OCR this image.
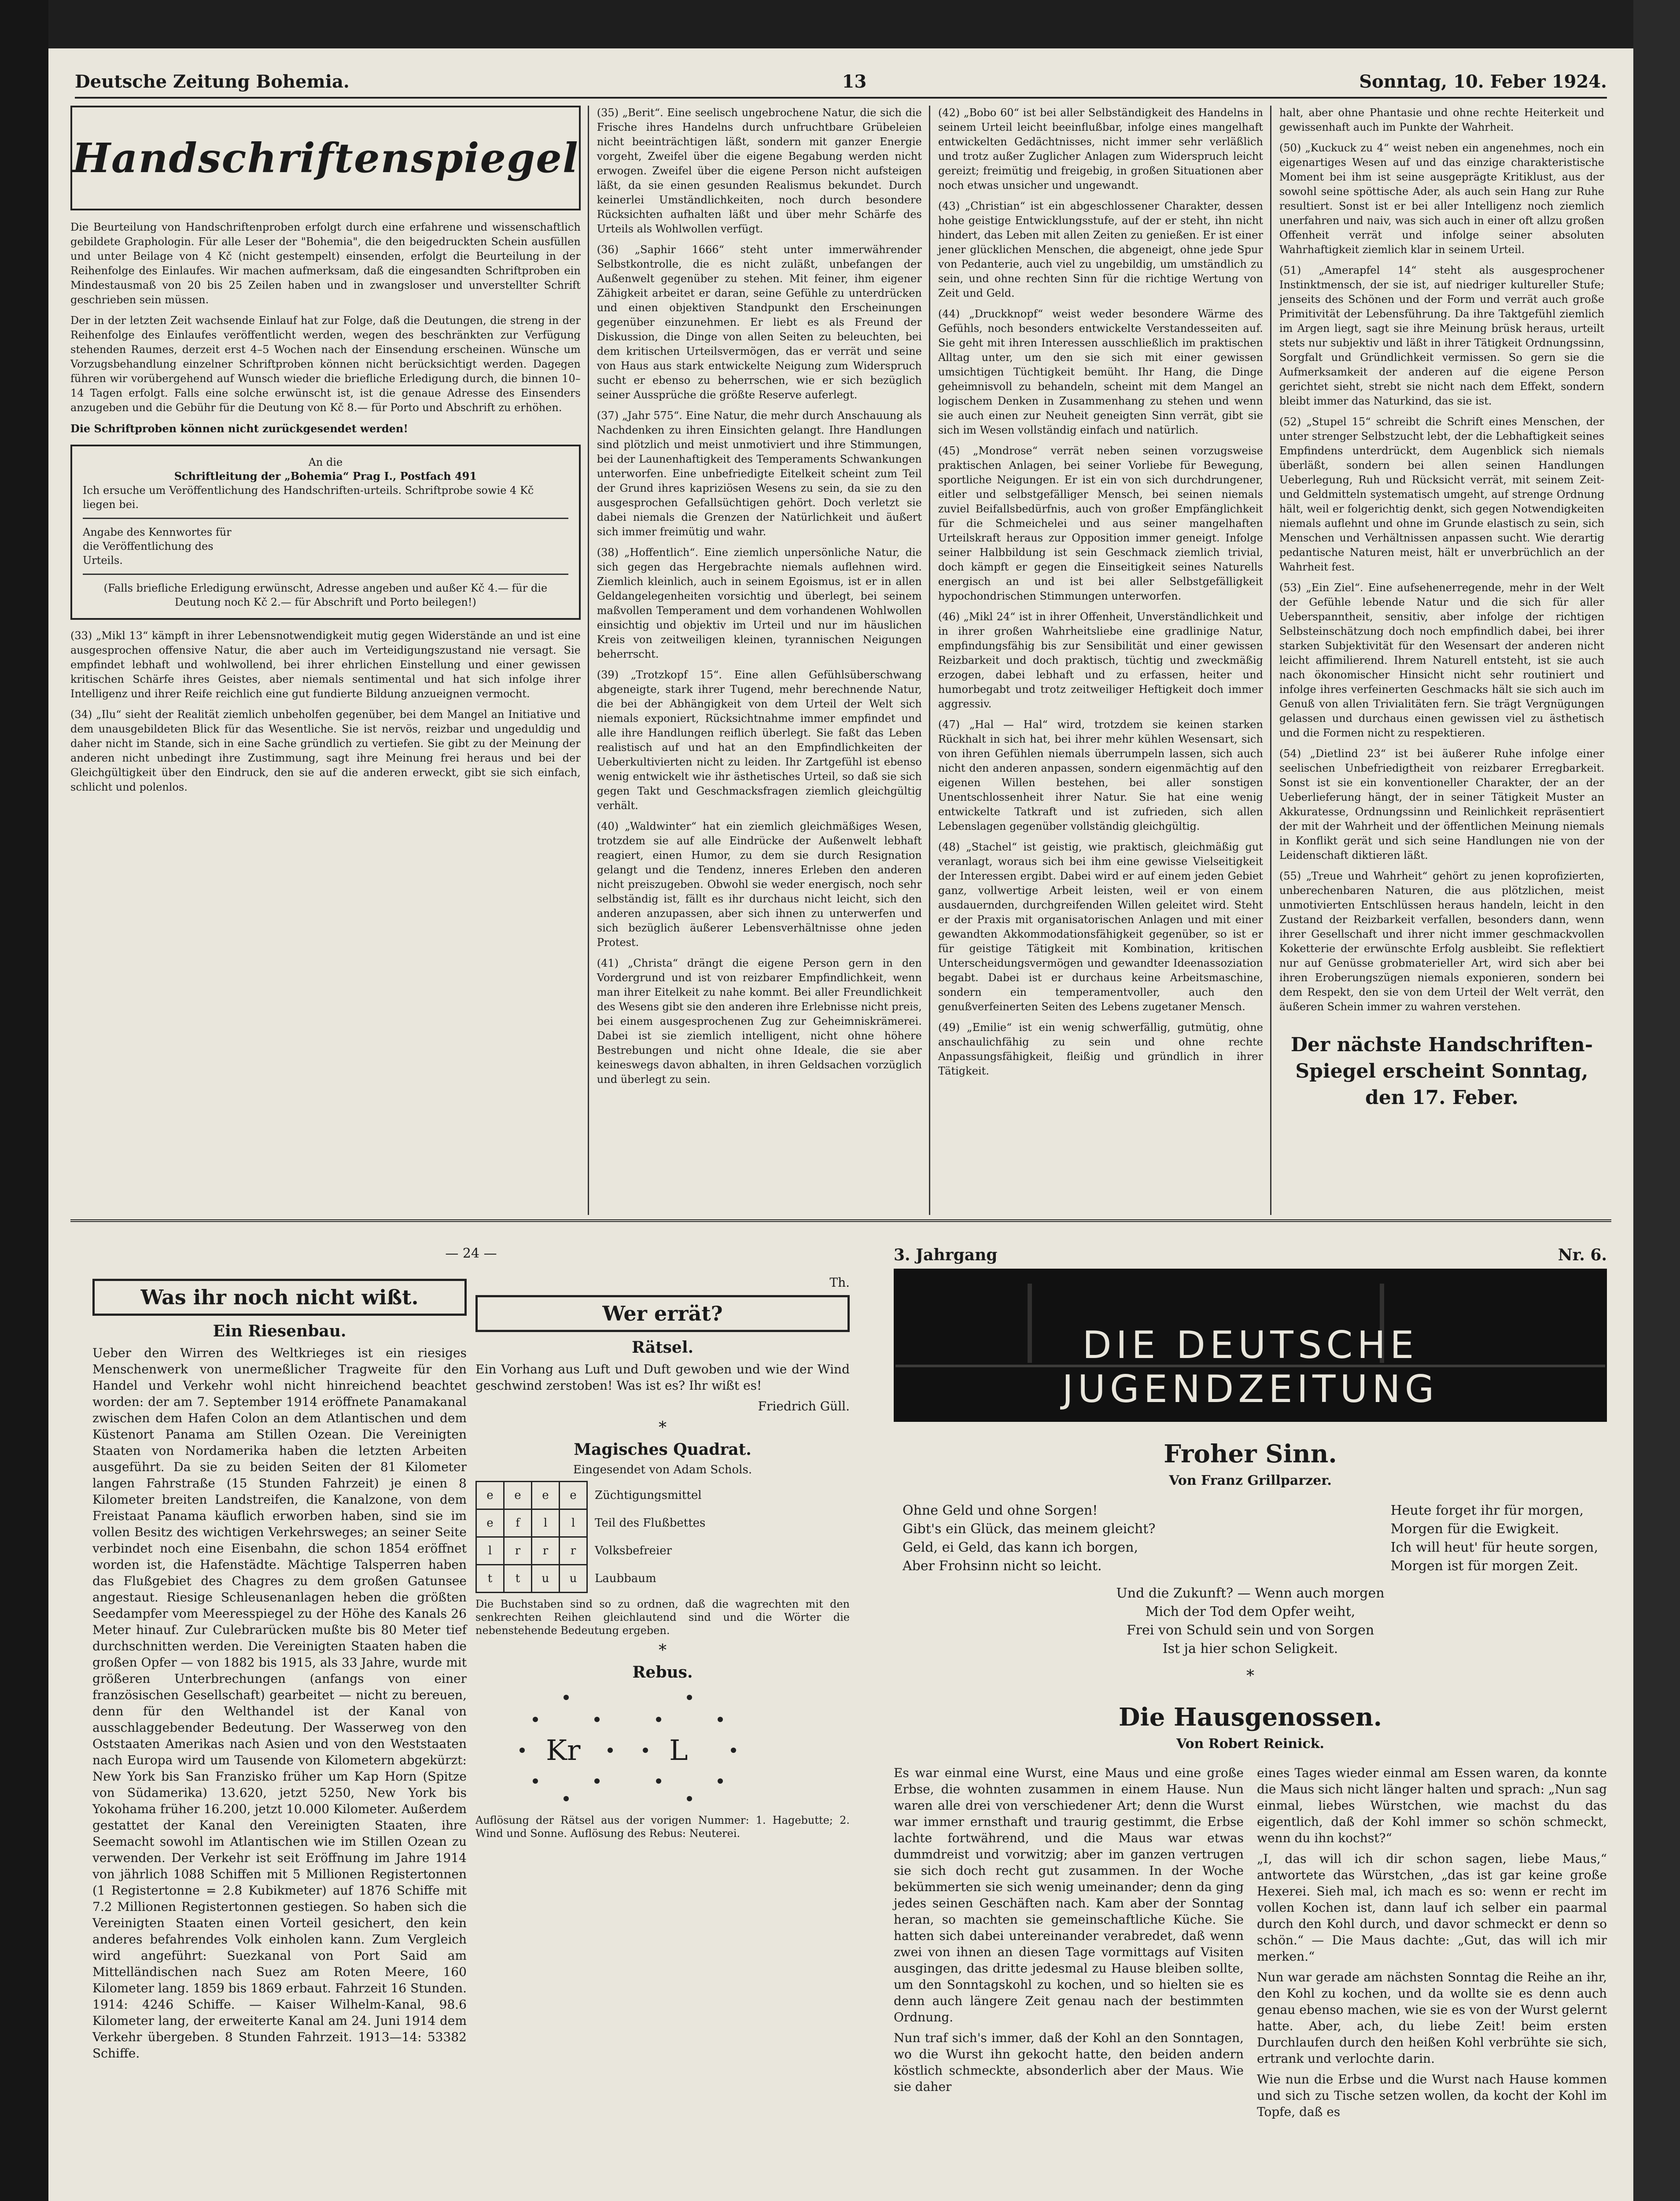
Deutsche Zeitung Bohemia.	13	Sonntag, 10. Feber 1924.
Handschriftenspiegel

Die Beurteilung von Handschriftenproben erfolgt durch eine erfahrene und wissenschaftlich gebildete Graphologin. Für alle Leser der "Bohemia", die den beigedruckten Schein ausfüllen und unter Beilage von 4 Kč (nicht gestempelt) einsenden, erfolgt die Beurteilung in der Reihenfolge des Einlaufes. Wir machen aufmerksam, daß die eingesandten Schriftproben ein Mindestausmaß von 20 bis 25 Zeilen haben und in zwangsloser und unverstellter Schrift geschrieben sein müssen.

Der in der letzten Zeit wachsende Einlauf hat zur Folge, daß die Deutungen, die streng in der Reihenfolge des Einlaufes veröffentlicht werden, wegen des beschränkten zur Verfügung stehenden Raumes, derzeit erst 4–5 Wochen nach der Einsendung erscheinen. Wünsche um Vorzugsbehandlung einzelner Schriftproben können nicht berücksichtigt werden. Dagegen führen wir vorübergehend auf Wunsch wieder die briefliche Erledigung durch, die binnen 10–14 Tagen erfolgt. Falls eine solche erwünscht ist, ist die genaue Adresse des Einsenders anzugeben und die Gebühr für die Deutung von Kč 8.— für Porto und Abschrift zu erhöhen.

Die Schriftproben können nicht zurückgesendet werden!

An die
Schriftleitung der „Bohemia“ Prag I., Postfach 491
Ich ersuche um Veröffentlichung des Handschriften-urteils. Schriftprobe sowie 4 Kč liegen bei.
Angabe des Kennwortes für die Veröffentlichung des Urteils.
(Falls briefliche Erledigung erwünscht, Adresse angeben und außer Kč 4.— für die Deutung noch Kč 2.— für Abschrift und Porto beilegen!)

(33) „Mikl 13“ kämpft in ihrer Lebensnotwendigkeit mutig gegen Widerstände an und ist eine ausgesprochen offensive Natur, die aber auch im Verteidigungszustand nie versagt. Sie empfindet lebhaft und wohlwollend, bei ihrer ehrlichen Einstellung und einer gewissen kritischen Schärfe ihres Geistes, aber niemals sentimental und hat sich infolge ihrer Intelligenz und ihrer Reife reichlich eine gut fundierte Bildung anzueignen vermocht.

(34) „Ilu“ sieht der Realität ziemlich unbeholfen gegenüber, bei dem Mangel an Initiative und dem unausgebildeten Blick für das Wesentliche. Sie ist nervös, reizbar und ungeduldig und daher nicht im Stande, sich in eine Sache gründlich zu vertiefen. Sie gibt zu der Meinung der anderen nicht unbedingt ihre Zustimmung, sagt ihre Meinung frei heraus und bei der Gleichgültigkeit über den Eindruck, den sie auf die anderen erweckt, gibt sie sich einfach, schlicht und polenlos.

(35) „Berit“. Eine seelisch ungebrochene Natur, die sich die Frische ihres Handelns durch unfruchtbare Grübeleien nicht beeinträchtigen läßt, sondern mit ganzer Energie vorgeht, Zweifel über die eigene Begabung werden nicht erwogen. Zweifel über die eigene Person nicht aufsteigen läßt, da sie einen gesunden Realismus bekundet. Durch keinerlei Umständlichkeiten, noch durch besondere Rücksichten aufhalten läßt und über mehr Schärfe des Urteils als Wohlwollen verfügt.

(36) „Saphir 1666“ steht unter immerwährender Selbstkontrolle, die es nicht zuläßt, unbefangen der Außenwelt gegenüber zu stehen. Mit feiner, ihm eigener Zähigkeit arbeitet er daran, seine Gefühle zu unterdrücken und einen objektiven Standpunkt den Erscheinungen gegenüber einzunehmen. Er liebt es als Freund der Diskussion, die Dinge von allen Seiten zu beleuchten, bei dem kritischen Urteilsvermögen, das er verrät und seine von Haus aus stark entwickelte Neigung zum Widerspruch sucht er ebenso zu beherrschen, wie er sich bezüglich seiner Aussprüche die größte Reserve auferlegt.

(37) „Jahr 575“. Eine Natur, die mehr durch Anschauung als Nachdenken zu ihren Einsichten gelangt. Ihre Handlungen sind plötzlich und meist unmotiviert und ihre Stimmungen, bei der Launenhaftigkeit des Temperaments Schwankungen unterworfen. Eine unbefriedigte Eitelkeit scheint zum Teil der Grund ihres kapriziösen Wesens zu sein, da sie zu den ausgesprochen Gefallsüchtigen gehört. Doch verletzt sie dabei niemals die Grenzen der Natürlichkeit und äußert sich immer freimütig und wahr.

(38) „Hoffentlich“. Eine ziemlich unpersönliche Natur, die sich gegen das Hergebrachte niemals auflehnen wird. Ziemlich kleinlich, auch in seinem Egoismus, ist er in allen Geldangelegenheiten vorsichtig und überlegt, bei seinem maßvollen Temperament und dem vorhandenen Wohlwollen einsichtig und objektiv im Urteil und nur im häuslichen Kreis von zeitweiligen kleinen, tyrannischen Neigungen beherrscht.

(39) „Trotzkopf 15“. Eine allen Gefühlsüberschwang abgeneigte, stark ihrer Tugend, mehr berechnende Natur, die bei der Abhängigkeit von dem Urteil der Welt sich niemals exponiert, Rücksichtnahme immer empfindet und alle ihre Handlungen reiflich überlegt. Sie faßt das Leben realistisch auf und hat an den Empfindlichkeiten der Ueberkultivierten nicht zu leiden. Ihr Zartgefühl ist ebenso wenig entwickelt wie ihr ästhetisches Urteil, so daß sie sich gegen Takt und Geschmacksfragen ziemlich gleichgültig verhält.

(40) „Waldwinter“ hat ein ziemlich gleichmäßiges Wesen, trotzdem sie auf alle Eindrücke der Außenwelt lebhaft reagiert, einen Humor, zu dem sie durch Resignation gelangt und die Tendenz, inneres Erleben den anderen nicht preiszugeben. Obwohl sie weder energisch, noch sehr selbständig ist, fällt es ihr durchaus nicht leicht, sich den anderen anzupassen, aber sich ihnen zu unterwerfen und sich bezüglich äußerer Lebensverhältnisse ohne jeden Protest.

(41) „Christa“ drängt die eigene Person gern in den Vordergrund und ist von reizbarer Empfindlichkeit, wenn man ihrer Eitelkeit zu nahe kommt. Bei aller Freundlichkeit des Wesens gibt sie den anderen ihre Erlebnisse nicht preis, bei einem ausgesprochenen Zug zur Geheimniskrämerei. Dabei ist sie ziemlich intelligent, nicht ohne höhere Bestrebungen und nicht ohne Ideale, die sie aber keineswegs davon abhalten, in ihren Geldsachen vorzüglich und überlegt zu sein.

(42) „Bobo 60“ ist bei aller Selbständigkeit des Handelns in seinem Urteil leicht beeinflußbar, infolge eines mangelhaft entwickelten Gedächtnisses, nicht immer sehr verläßlich und trotz außer Zuglicher Anlagen zum Widerspruch leicht gereizt; freimütig und freigebig, in großen Situationen aber noch etwas unsicher und ungewandt.

(43) „Christian“ ist ein abgeschlossener Charakter, dessen hohe geistige Entwicklungsstufe, auf der er steht, ihn nicht hindert, das Leben mit allen Zeiten zu genießen. Er ist einer jener glücklichen Menschen, die abgeneigt, ohne jede Spur von Pedanterie, auch viel zu ungebildig, um umständlich zu sein, und ohne rechten Sinn für die richtige Wertung von Zeit und Geld.

(44) „Druckknopf“ weist weder besondere Wärme des Gefühls, noch besonders entwickelte Verstandesseiten auf. Sie geht mit ihren Interessen ausschließlich im praktischen Alltag unter, um den sie sich mit einer gewissen umsichtigen Tüchtigkeit bemüht. Ihr Hang, die Dinge geheimnisvoll zu behandeln, scheint mit dem Mangel an logischem Denken in Zusammenhang zu stehen und wenn sie auch einen zur Neuheit geneigten Sinn verrät, gibt sie sich im Wesen vollständig einfach und natürlich.

(45) „Mondrose“ verrät neben seinen vorzugsweise praktischen Anlagen, bei seiner Vorliebe für Bewegung, sportliche Neigungen. Er ist ein von sich durchdrungener, eitler und selbstgefälliger Mensch, bei seinen niemals zuviel Beifallsbedürfnis, auch von großer Empfänglichkeit für die Schmeichelei und aus seiner mangelhaften Urteilskraft heraus zur Opposition immer geneigt. Infolge seiner Halbbildung ist sein Geschmack ziemlich trivial, doch kämpft er gegen die Einseitigkeit seines Naturells energisch an und ist bei aller Selbstgefälligkeit hypochondrischen Stimmungen unterworfen.

(46) „Mikl 24“ ist in ihrer Offenheit, Unverständlichkeit und in ihrer großen Wahrheitsliebe eine gradlinige Natur, empfindungsfähig bis zur Sensibilität und einer gewissen Reizbarkeit und doch praktisch, tüchtig und zweckmäßig erzogen, dabei lebhaft und zu erfassen, heiter und humorbegabt und trotz zeitweiliger Heftigkeit doch immer aggressiv.

(47) „Hal — Hal“ wird, trotzdem sie keinen starken Rückhalt in sich hat, bei ihrer mehr kühlen Wesensart, sich von ihren Gefühlen niemals überrumpeln lassen, sich auch nicht den anderen anpassen, sondern eigenmächtig auf den eigenen Willen bestehen, bei aller sonstigen Unentschlossenheit ihrer Natur. Sie hat eine wenig entwickelte Tatkraft und ist zufrieden, sich allen Lebenslagen gegenüber vollständig gleichgültig.

(48) „Stachel“ ist geistig, wie praktisch, gleichmäßig gut veranlagt, woraus sich bei ihm eine gewisse Vielseitigkeit der Interessen ergibt. Dabei wird er auf einem jeden Gebiet ganz, vollwertige Arbeit leisten, weil er von einem ausdauernden, durchgreifenden Willen geleitet wird. Steht er der Praxis mit organisatorischen Anlagen und mit einer gewandten Akkommodationsfähigkeit gegenüber, so ist er für geistige Tätigkeit mit Kombination, kritischen Unterscheidungsvermögen und gewandter Ideenassoziation begabt. Dabei ist er durchaus keine Arbeitsmaschine, sondern ein temperamentvoller, auch den genußverfeinerten Seiten des Lebens zugetaner Mensch.

(49) „Emilie“ ist ein wenig schwerfällig, gutmütig, ohne anschaulichfähig zu sein und ohne rechte Anpassungsfähigkeit, fleißig und gründlich in ihrer Tätigkeit.

halt, aber ohne Phantasie und ohne rechte Heiterkeit und gewissenhaft auch im Punkte der Wahrheit.

(50) „Kuckuck zu 4“ weist neben ein angenehmes, noch ein eigenartiges Wesen auf und das einzige charakteristische Moment bei ihm ist seine ausgeprägte Kritiklust, aus der sowohl seine spöttische Ader, als auch sein Hang zur Ruhe resultiert. Sonst ist er bei aller Intelligenz noch ziemlich unerfahren und naiv, was sich auch in einer oft allzu großen Offenheit verrät und infolge seiner absoluten Wahrhaftigkeit ziemlich klar in seinem Urteil.

(51) „Amerapfel 14“ steht als ausgesprochener Instinktmensch, der sie ist, auf niedriger kultureller Stufe; jenseits des Schönen und der Form und verrät auch große Primitivität der Lebensführung. Da ihre Taktgefühl ziemlich im Argen liegt, sagt sie ihre Meinung brüsk heraus, urteilt stets nur subjektiv und läßt in ihrer Tätigkeit Ordnungssinn, Sorgfalt und Gründlichkeit vermissen. So gern sie die Aufmerksamkeit der anderen auf die eigene Person gerichtet sieht, strebt sie nicht nach dem Effekt, sondern bleibt immer das Naturkind, das sie ist.

(52) „Stupel 15“ schreibt die Schrift eines Menschen, der unter strenger Selbstzucht lebt, der die Lebhaftigkeit seines Empfindens unterdrückt, dem Augenblick sich niemals überläßt, sondern bei allen seinen Handlungen Ueberlegung, Ruh und Rücksicht verrät, mit seinem Zeit- und Geldmitteln systematisch umgeht, auf strenge Ordnung hält, weil er folgerichtig denkt, sich gegen Notwendigkeiten niemals auflehnt und ohne im Grunde elastisch zu sein, sich Menschen und Verhältnissen anpassen sucht. Wie derartig pedantische Naturen meist, hält er unverbrüchlich an der Wahrheit fest.

(53) „Ein Ziel“. Eine aufsehenerregende, mehr in der Welt der Gefühle lebende Natur und die sich für aller Ueberspanntheit, sensitiv, aber infolge der richtigen Selbsteinschätzung doch noch empfindlich dabei, bei ihrer starken Subjektivität für den Wesensart der anderen nicht leicht affimilierend. Ihrem Naturell entsteht, ist sie auch nach ökonomischer Hinsicht nicht sehr routiniert und infolge ihres verfeinerten Geschmacks hält sie sich auch im Genuß von allen Trivialitäten fern. Sie trägt Vergnügungen gelassen und durchaus einen gewissen viel zu ästhetisch und die Formen nicht zu respektieren.

(54) „Dietlind 23“ ist bei äußerer Ruhe infolge einer seelischen Unbefriedigtheit von reizbarer Erregbarkeit. Sonst ist sie ein konventioneller Charakter, der an der Ueberlieferung hängt, der in seiner Tätigkeit Muster an Akkuratesse, Ordnungssinn und Reinlichkeit repräsentiert der mit der Wahrheit und der öffentlichen Meinung niemals in Konflikt gerät und sich seine Handlungen nie von der Leidenschaft diktieren läßt.

(55) „Treue und Wahrheit“ gehört zu jenen koprofizierten, unberechenbaren Naturen, die aus plötzlichen, meist unmotivierten Entschlüssen heraus handeln, leicht in den Zustand der Reizbarkeit verfallen, besonders dann, wenn ihrer Gesellschaft und ihrer nicht immer geschmackvollen Koketterie der erwünschte Erfolg ausbleibt. Sie reflektiert nur auf Genüsse grobmaterieller Art, wird sich aber bei ihren Eroberungszügen niemals exponieren, sondern bei dem Respekt, den sie von dem Urteil der Welt verrät, den äußeren Schein immer zu wahren verstehen.

Der nächste Handschriften-Spiegel erscheint Sonntag, den 17. Feber.
— 24 —
Was ihr noch nicht wißt.
Ein Riesenbau.

Ueber den Wirren des Weltkrieges ist ein riesiges Menschenwerk von unermeßlicher Tragweite für den Handel und Verkehr wohl nicht hinreichend beachtet worden: der am 7. September 1914 eröffnete Panamakanal zwischen dem Hafen Colon an dem Atlantischen und dem Küstenort Panama am Stillen Ozean. Die Vereinigten Staaten von Nordamerika haben die letzten Arbeiten ausgeführt. Da sie zu beiden Seiten der 81 Kilometer langen Fahrstraße (15 Stunden Fahrzeit) je einen 8 Kilometer breiten Landstreifen, die Kanalzone, von dem Freistaat Panama käuflich erworben haben, sind sie im vollen Besitz des wichtigen Verkehrsweges; an seiner Seite verbindet noch eine Eisenbahn, die schon 1854 eröffnet worden ist, die Hafenstädte. Mächtige Talsperren haben das Flußgebiet des Chagres zu dem großen Gatunsee angestaut. Riesige Schleusenanlagen heben die größten Seedampfer vom Meeresspiegel zu der Höhe des Kanals 26 Meter hinauf. Zur Culebrarücken mußte bis 80 Meter tief durchschnitten werden. Die Vereinigten Staaten haben die großen Opfer — von 1882 bis 1915, als 33 Jahre, wurde mit größeren Unterbrechungen (anfangs von einer französischen Gesellschaft) gearbeitet — nicht zu bereuen, denn für den Welthandel ist der Kanal von ausschlaggebender Bedeutung. Der Wasserweg von den Oststaaten Amerikas nach Asien und von den Weststaaten nach Europa wird um Tausende von Kilometern abgekürzt: New York bis San Franzisko früher um Kap Horn (Spitze von Südamerika) 13.620, jetzt 5250, New York bis Yokohama früher 16.200, jetzt 10.000 Kilometer. Außerdem gestattet der Kanal den Vereinigten Staaten, ihre Seemacht sowohl im Atlantischen wie im Stillen Ozean zu verwenden. Der Verkehr ist seit Eröffnung im Jahre 1914 von jährlich 1088 Schiffen mit 5 Millionen Registertonnen (1 Registertonne = 2.8 Kubikmeter) auf 1876 Schiffe mit 7.2 Millionen Registertonnen gestiegen. So haben sich die Vereinigten Staaten einen Vorteil gesichert, den kein anderes befahrendes Volk einholen kann. Zum Vergleich wird angeführt: Suezkanal von Port Said am Mittelländischen nach Suez am Roten Meere, 160 Kilometer lang. 1859 bis 1869 erbaut. Fahrzeit 16 Stunden. 1914: 4246 Schiffe. — Kaiser Wilhelm-Kanal, 98.6 Kilometer lang, der erweiterte Kanal am 24. Juni 1914 dem Verkehr übergeben. 8 Stunden Fahrzeit. 1913—14: 53382 Schiffe.

Th.

Wer errät?
Rätsel.

Ein Vorhang aus Luft und Duft gewoben und wie der Wind geschwind zerstoben! Was ist es? Ihr wißt es!

Friedrich Güll.

*
Magisches Quadrat.
Eingesendet von Adam Schols.
e	e	e	e	Züchtigungsmittel
e	f	l	l	Teil des Flußbettes
l	r	r	r	Volksbefreier
t	t	u	u	Laubbaum

Die Buchstaben sind so zu ordnen, daß die wagrechten mit den senkrechten Reihen gleichlautend sind und die Wörter die nebenstehende Bedeutung ergeben.

*
Rebus.
Kr	L

Auflösung der Rätsel aus der vorigen Nummer: 1. Hagebutte; 2. Wind und Sonne. Auflösung des Rebus: Neuterei.

3. Jahrgang	Nr. 6.
DIE DEUTSCHE JUGENDZEITUNG
Froher Sinn.
Von Franz Grillparzer.
Ohne Geld und ohne Sorgen!
Gibt's ein Glück, das meinem gleicht?
Geld, ei Geld, das kann ich borgen,
Aber Frohsinn nicht so leicht.
Heute forget ihr für morgen,
Morgen für die Ewigkeit.
Ich will heut' für heute sorgen,
Morgen ist für morgen Zeit.
Und die Zukunft? — Wenn auch morgen
Mich der Tod dem Opfer weiht,
Frei von Schuld sein und von Sorgen
Ist ja hier schon Seligkeit.
*
Die Hausgenossen.
Von Robert Reinick.

Es war einmal eine Wurst, eine Maus und eine große Erbse, die wohnten zusammen in einem Hause. Nun waren alle drei von verschiedener Art; denn die Wurst war immer ernsthaft und traurig gestimmt, die Erbse lachte fortwährend, und die Maus war etwas dummdreist und vorwitzig; aber im ganzen vertrugen sie sich doch recht gut zusammen. In der Woche bekümmerten sie sich wenig umeinander; denn da ging jedes seinen Geschäften nach. Kam aber der Sonntag heran, so machten sie gemeinschaftliche Küche. Sie hatten sich dabei untereinander verabredet, daß wenn zwei von ihnen an diesen Tage vormittags auf Visiten ausgingen, das dritte jedesmal zu Hause bleiben sollte, um den Sonntagskohl zu kochen, und so hielten sie es denn auch längere Zeit genau nach der bestimmten Ordnung.

Nun traf sich's immer, daß der Kohl an den Sonntagen, wo die Wurst ihn gekocht hatte, den beiden andern köstlich schmeckte, absonderlich aber der Maus. Wie sie daher

eines Tages wieder einmal am Essen waren, da konnte die Maus sich nicht länger halten und sprach: „Nun sag einmal, liebes Würstchen, wie machst du das eigentlich, daß der Kohl immer so schön schmeckt, wenn du ihn kochst?“

„I, das will ich dir schon sagen, liebe Maus,“ antwortete das Würstchen, „das ist gar keine große Hexerei. Sieh mal, ich mach es so: wenn er recht im vollen Kochen ist, dann lauf ich selber ein paarmal durch den Kohl durch, und davor schmeckt er denn so schön.“ — Die Maus dachte: „Gut, das will ich mir merken.“

Nun war gerade am nächsten Sonntag die Reihe an ihr, den Kohl zu kochen, und da wollte sie es denn auch genau ebenso machen, wie sie es von der Wurst gelernt hatte. Aber, ach, du liebe Zeit! beim ersten Durchlaufen durch den heißen Kohl verbrühte sie sich, ertrank und verlochte darin.

Wie nun die Erbse und die Wurst nach Hause kommen und sich zu Tische setzen wollen, da kocht der Kohl im Topfe, daß es
